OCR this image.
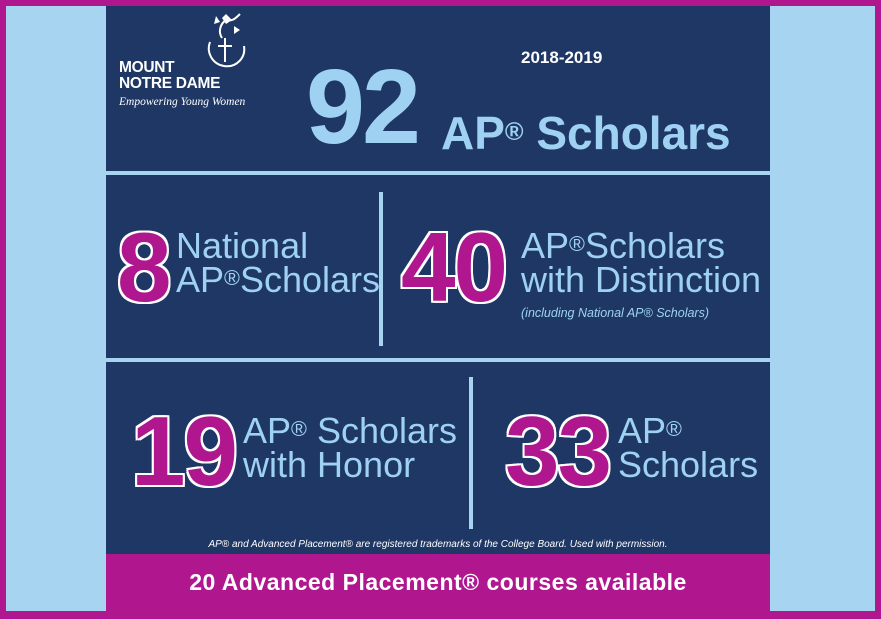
MOUNT
NOTRE DAME
Empowering Young Women
2018-2019
92 AP® Scholars
8 National
AP®Scholars 40 AP®Scholars
with Distinction
(including National AP® Scholars)
19 AP® Scholars
with Honor 33 AP®
Scholars
AP® and Advanced Placement® are registered trademarks of the College Board. Used with permission.
20 Advanced Placement® courses available
